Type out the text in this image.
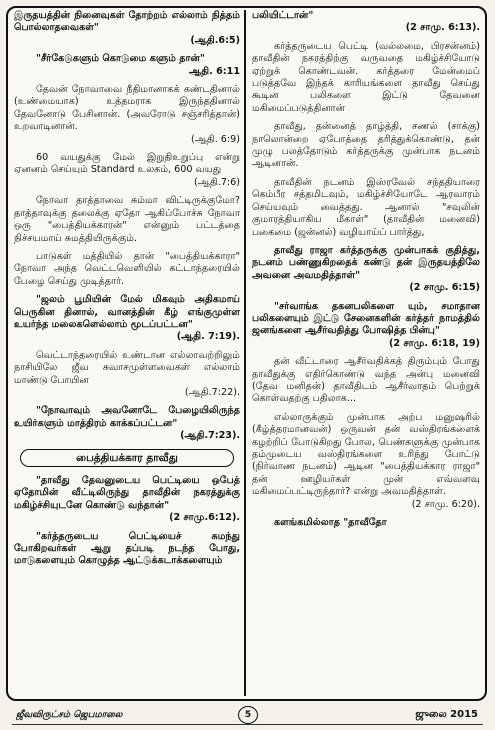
இருதயத்தின் நினைவுகள் தோற்றம் எல்லாம் நித்தம் பொல்லாதவைகள்"
(ஆதி.6:5)

"சீர்கேடுகளும் கொடுமை களும் தான்"
ஆதி. 6:11

தேவன் நோவாவை நீதிமானாகக் கண்டதினால் (உண்மையாக) உத்தமராக இருந்ததினால் தேவனோடு பேசினான். (அவரோடு சஞ்சரித்தான்) உறவாடினான்.
(ஆதி. 6:9)

60 வயதுக்கு மேல் இறுதிஉறுப்பு என்று ஏனனம் செய்யும் Standard உலகம், 600 வயது
(ஆதி.7:6)

நோவா தாத்தாவை சும்மா விட்டிருக்குமோ? தாத்தாவுக்கு தலைக்கு ஏதோ ஆகிப்போச்சு நோவா ஒரு "பைத்தியக்காரன்" என்னும் பட்டத்தை நிச்சயமாய் சுமத்தியிருக்கும்.

பாடுகள் மத்தியில் தான் "பைத்தியக்காரா" நோவா அந்த வெட்டவெளியில் கட்டாந்தரையில் பேழை செய்து முடித்தார்.

"ஜலம் பூமியின் மேல் மிகவும் அதிகமாய் பெருகின தினால், வானத்தின் கீழ் எங்குமுள்ள உயர்ந்த மலைகளெல்லாம் மூடப்பட்டன"
(ஆதி. 7:19).

வெட்டாந்தரையில் உண்டான எல்லாவற்றிலும் நாசியிலே ஜீவ சுவாசமுள்ளவைகள் எல்லாம் மாண்டு போயின
(ஆதி.7:22).

"நோவாவும் அவனோடே பேழையிலிருந்த உயிர்களும் மாத்திரம் காக்கப்பட்டன"
(ஆதி.7:23).

பைத்தியக்கார தாவீது

"தாவீது தேவனுடைய பெட்டியை ஒபேத் ஏதோமின் வீட்டிலிருந்து தாவீதின் நகரத்துக்கு மகிழ்ச்சியுடனே கொண்டு வந்தான்"
(2 சாமு.6:12).

"கர்த்தருடைய பெட்டியைச் சுமந்து போகிறவர்கள் ஆறு தப்படி நடந்த போது, மாடுகளையும் கொழுத்த ஆட்டுக்கடாக்களையும்

பலியிட்டான்"
(2 சாமு. 6:13).

கர்த்தருடைய பெட்டி (வல்லமை, பிரசன்னம்) தாவீதின் நகரத்திற்கு வருவதை மகிழ்ச்சியோடு ஏற்றுக் கொண்டவன். கர்த்தரை மேன்மைப் படுத்தவே இந்தக் காரியங்களை தாவீது செய்து கூடின பலிகளை இட்டு தேவனை மகிமைப்படுத்தினான்

தாவீது, தன்னைத் தாழ்த்தி, சணல் (சாக்கு) நாலொன்றை ஏபோத்தை தரித்துக்கொண்டு, தன் முழு பலத்தோடும் கர்த்தருக்கு முன்பாக நடனம் ஆடினான்.

தாவீதின் நடனம் இஸ்ரவேல் சந்ததியாரை கெம்பீர சத்தமிடவும், மகிழ்ச்சியோடே ஆரவாரம் செய்யவும் வைத்தது. ஆனால் "சவுலின் குமாரத்தியாகிய மீகாள்" (தாவீதின் மனைவி) பகைமை (ஜன்னல்) வழியாய்ப் பார்த்து,

தாவீது ராஜா கர்த்தருக்கு முன்பாகக் குதித்து, நடனம் பண்ணுகிறதைக் கண்டு தன் இருதயத்திலே அவனை அவமதித்தாள்"
(2 சாமு. 6:15)

"சர்வாங்க தகனபலிகளை யும், சமாதான பலிகளையும் இட்டு சேனைகளின் கர்த்தர் நாமத்தில் ஜனங்களை ஆசீர்வதித்து போஷித்த பின்பு"
(2 சாமு. 6:18, 19)

தன் வீட்டாரை ஆசீர்வதிக்கத் திரும்பும் போது தாவீதுக்கு எதிர்கொண்டு வந்த அன்பு மனைவி (தேவ மனிதன்) தாவீதிடம் ஆசீர்வாதம் பெற்றுக் கொள்வதற்கு பதிலாக...

எல்லாருக்கும் முன்பாக அற்ப மனுஷரில் (கீழ்த்தரமானவன்) ஒருவன் தன் வஸ்திரங்களைக் கழற்றிப் போடுகிறது போல, பெண்களுக்கு முன்பாக தம்முடைய வஸ்திரங்களை உரிந்து போட்டு (நிர்வாண நடனம்) ஆடின "பைத்தியக்கார ராஜா" தன் ஊழியர்கள் முன் எவ்வளவு மகிமைப்பட்டிருந்தார்? என்று அவமதித்தாள்.
(2 சாமு. 6:20).

களங்கமில்லாத "தாவீதோ

ஜீவவிருட்சம் ஜெபமாலை	5	ஜுலை 2015
